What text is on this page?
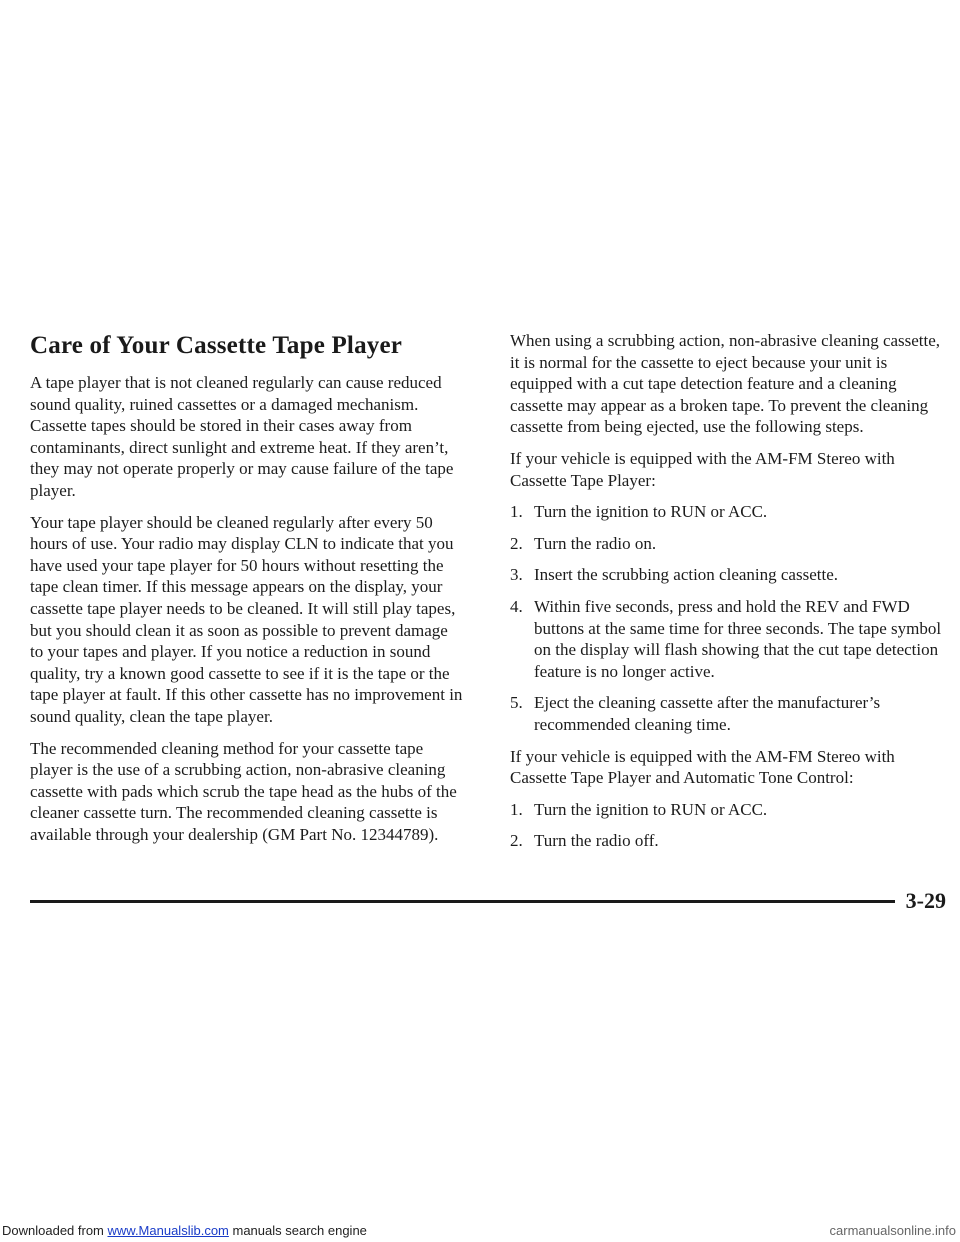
Care of Your Cassette Tape Player

A tape player that is not cleaned regularly can cause reduced sound quality, ruined cassettes or a damaged mechanism. Cassette tapes should be stored in their cases away from contaminants, direct sunlight and extreme heat. If they aren’t, they may not operate properly or may cause failure of the tape player.

Your tape player should be cleaned regularly after every 50 hours of use. Your radio may display CLN to indicate that you have used your tape player for 50 hours without resetting the tape clean timer. If this message appears on the display, your cassette tape player needs to be cleaned. It will still play tapes, but you should clean it as soon as possible to prevent damage to your tapes and player. If you notice a reduction in sound quality, try a known good cassette to see if it is the tape or the tape player at fault. If this other cassette has no improvement in sound quality, clean the tape player.

The recommended cleaning method for your cassette tape player is the use of a scrubbing action, non-abrasive cleaning cassette with pads which scrub the tape head as the hubs of the cleaner cassette turn. The recommended cleaning cassette is available through your dealership (GM Part No. 12344789).

When using a scrubbing action, non-abrasive cleaning cassette, it is normal for the cassette to eject because your unit is equipped with a cut tape detection feature and a cleaning cassette may appear as a broken tape. To prevent the cleaning cassette from being ejected, use the following steps.

If your vehicle is equipped with the AM-FM Stereo with Cassette Tape Player:

1. Turn the ignition to RUN or ACC.
2. Turn the radio on.
3. Insert the scrubbing action cleaning cassette.
4. Within five seconds, press and hold the REV and FWD buttons at the same time for three seconds. The tape symbol on the display will flash showing that the cut tape detection feature is no longer active.
5. Eject the cleaning cassette after the manufacturer’s recommended cleaning time.

If your vehicle is equipped with the AM-FM Stereo with Cassette Tape Player and Automatic Tone Control:

1. Turn the ignition to RUN or ACC.
2. Turn the radio off.
3-29
Downloaded from www.Manualslib.com manuals search engine	carmanualsonline.info
